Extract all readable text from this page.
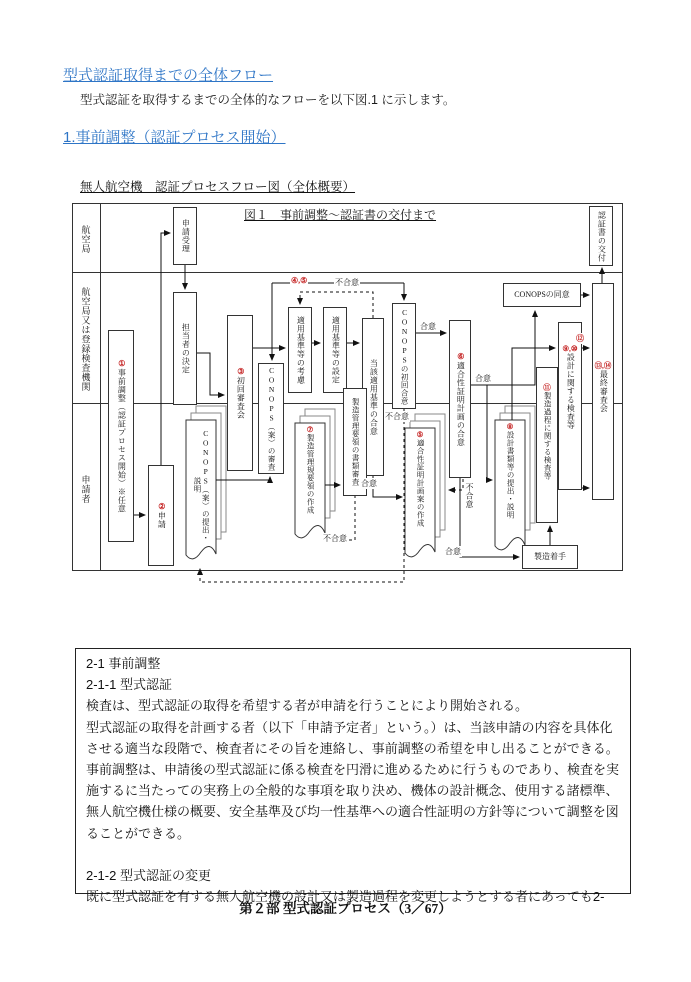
型式認証取得までの全体フロー
型式認証を取得するまでの全体的なフローを以下図.1 に示します。
1.事前調整（認証プロセス開始）
無人航空機　認証プロセスフロー図（全体概要）
図１　事前調整〜認証書の交付まで
航空局
航空局又は登録検査機関
申請者
申請受理	認証書の交付
担当者の決定
①事前調整（認証プロセス開始）※任意	②申請
③初回審査会	CONOPS（案）の審査
適用基準等の考慮	適用基準等の設定
当該適用基準の合意	CONOPSの初回合意	⑥適合性証明計画の合意
製造管理要領の書類審査
CONOPSの同意
⑨,⑩
設計に関する検査等
⑪
製造過程に関する検査等
⑬,⑭
最終審査会
製造着手
CONOPS（案）の提出・説明
⑤
適合性証明計画案の作成
⑦
製造管理規要領の作成
⑧
設計書類等の提出・説明
④,⑤
⑫
不合意
合意
合意
合意
不合意
不合意
不合意
合意

2-1 事前調整

2-1-1 型式認証

検査は、型式認証の取得を希望する者が申請を行うことにより開始される。

型式認証の取得を計画する者（以下「申請予定者」という。）は、当該申請の内容を具体化させる適当な段階で、検査者にその旨を連絡し、事前調整の希望を申し出ることができる。

事前調整は、申請後の型式認証に係る検査を円滑に進めるために行うものであり、検査を実施するに当たっての実務上の全般的な事項を取り決め、機体の設計概念、使用する諸標準、無人航空機仕様の概要、安全基準及び均一性基準への適合性証明の方針等について調整を図ることができる。

2-1-2 型式認証の変更

既に型式認証を有する無人航空機の設計又は製造過程を変更しようとする者にあっても2-

第２部 型式認証プロセス（3／67）
